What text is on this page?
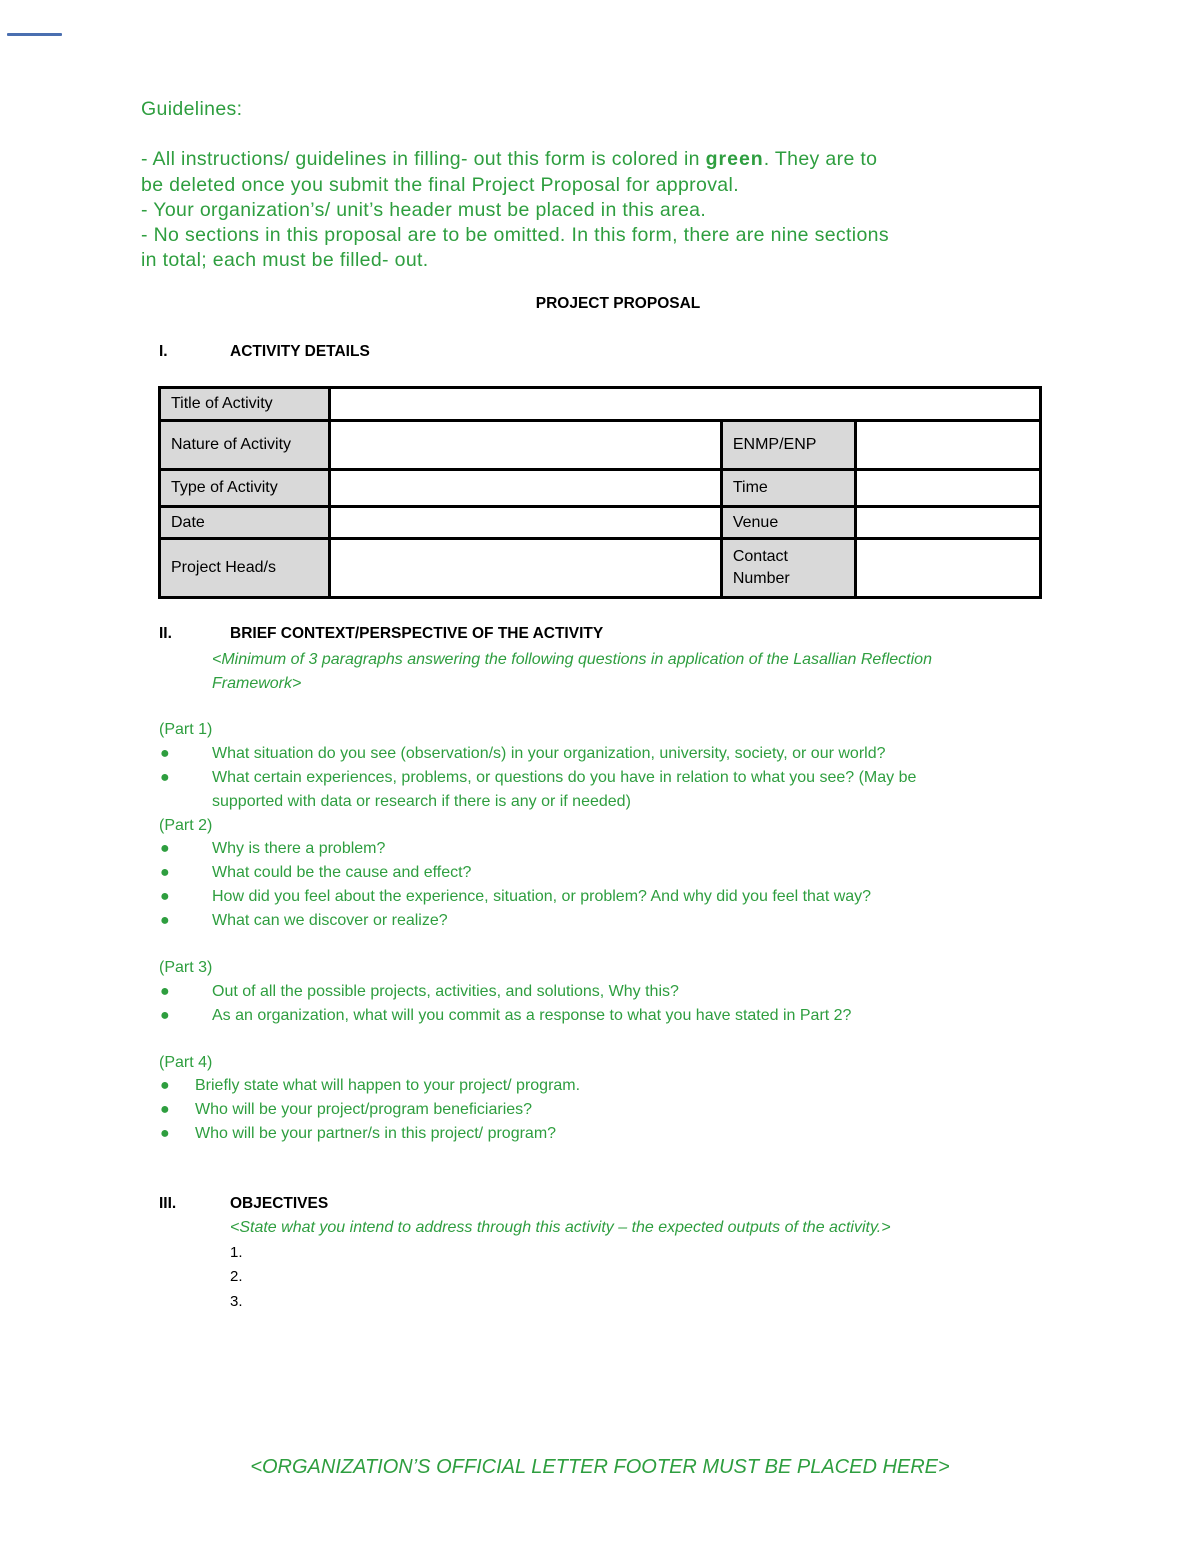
Guidelines:

- All instructions/ guidelines in filling- out this form is colored in green. They are to

be deleted once you submit the final Project Proposal for approval.

- Your organization’s/ unit’s header must be placed in this area.

- No sections in this proposal are to be omitted. In this form, there are nine sections

in total; each must be filled- out.

PROJECT PROPOSAL
I.	ACTIVITY DETAILS
Title of Activity			
Nature of Activity		ENMP/ENP	
Type of Activity		Time	
Date		Venue	
Project Head/s		Contact Number	
II.	BRIEF CONTEXT/PERSPECTIVE OF THE ACTIVITY
<Minimum of 3 paragraphs answering the following questions in application of the Lasallian Reflection
Framework>
(Part 1)
●	What situation do you see (observation/s) in your organization, university, society, or our world?
●	What certain experiences, problems, or questions do you have in relation to what you see? (May be
supported with data or research if there is any or if needed)
(Part 2)
●	Why is there a problem?
●	What could be the cause and effect?
●	How did you feel about the experience, situation, or problem? And why did you feel that way?
●	What can we discover or realize?
(Part 3)
●	Out of all the possible projects, activities, and solutions, Why this?
●	As an organization, what will you commit as a response to what you have stated in Part 2?
(Part 4)
● Briefly state what will happen to your project/ program.
● Who will be your project/program beneficiaries?
● Who will be your partner/s in this project/ program?
III.	OBJECTIVES
<State what you intend to address through this activity – the expected outputs of the activity.>
1.
2.
3.
<ORGANIZATION’S OFFICIAL LETTER FOOTER MUST BE PLACED HERE>
